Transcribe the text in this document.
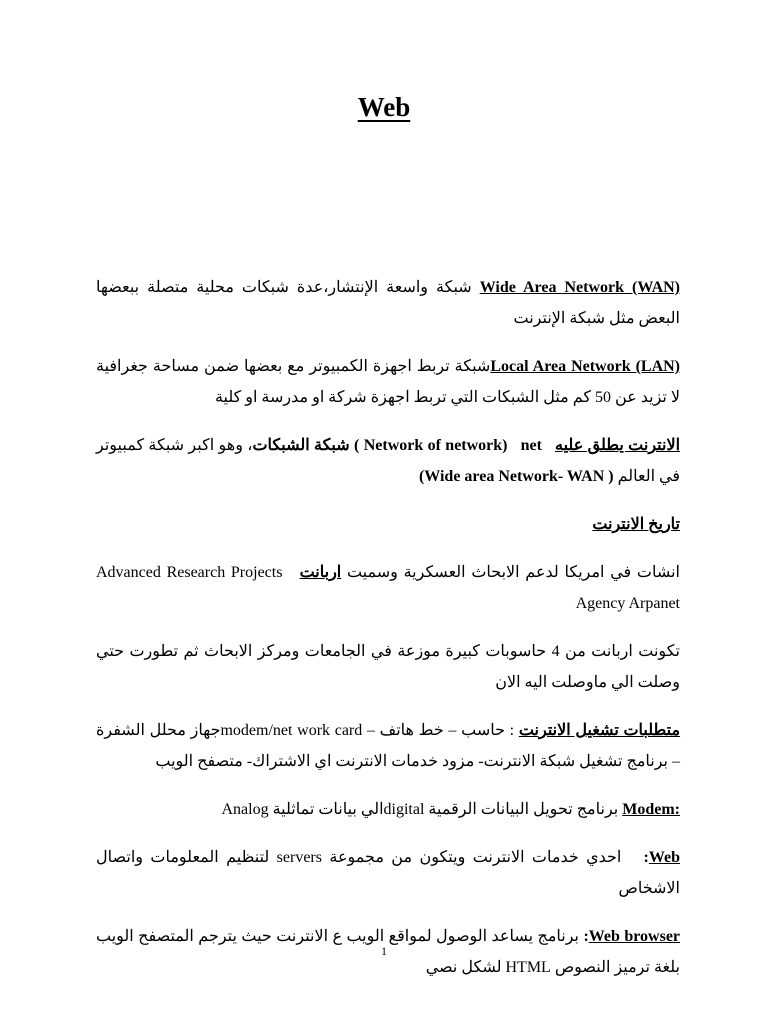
Web

Wide Area Network (WAN) شبكة واسعة الإنتشار،عدة شبكات محلية متصلة ببعضها البعض مثل شبكة الإنترنت

Local Area Network (LAN)شبكة تربط اجهزة الكمبيوتر مع بعضها ضمن مساحة جغرافية لا تزيد عن 50 كم مثل الشبكات التي تربط اجهزة شركة او مدرسة او كلية

الانترنت يطلق عليه   net   ( Network of network) شبكة الشبكات، وهو اكبر شبكة كمبيوتر في العالم (Wide area Network- WAN )

تاريخ الانترنت

انشات في امريكا لدعم الابحاث العسكرية وسميت اربانت   Advanced Research Projects Agency Arpanet

تكونت اربانت من 4 حاسوبات كبيرة موزعة في الجامعات ومركز الابحاث ثم تطورت حتي وصلت الي ماوصلت اليه الان

متطلبات تشغيل الانترنت : حاسب – خط هاتف – modem/net work cardجهاز محلل الشفرة – برنامج تشغيل شبكة الانترنت- مزود خدمات الانترنت اي الاشتراك- متصفح الويب

Modem: برنامج تحويل البيانات الرقمية digitalالي بيانات تماثلية Analog

Web:   احدي خدمات الانترنت ويتكون من مجموعة servers لتنظيم المعلومات واتصال الاشخاص

Web browser: برنامج يساعد الوصول لمواقع الويب ع الانترنت حيث يترجم المتصفح الويب بلغة ترميز النصوص HTML لشكل نصي

1
